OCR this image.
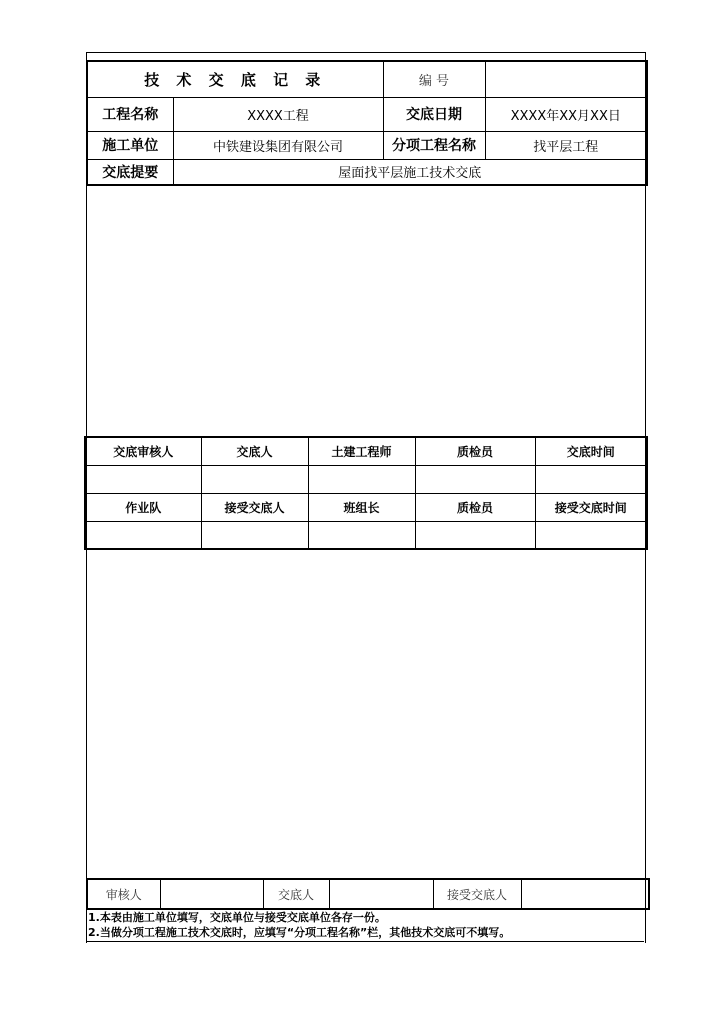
技 术 交 底 记 录		编 号	
工程名称	XXXX工程	交底日期	XXXX年XX月XX日
施工单位	中铁建设集团有限公司	分项工程名称	找平层工程
交底提要	屋面找平层施工技术交底		
交底审核人	交底人	土建工程师	质检员	交底时间

作业队	接受交底人	班组长	质检员	接受交底时间

审核人		交底人		接受交底人	
1.本表由施工单位填写，交底单位与接受交底单位各存一份。
2.当做分项工程施工技术交底时，应填写“分项工程名称”栏，其他技术交底可不填写。
